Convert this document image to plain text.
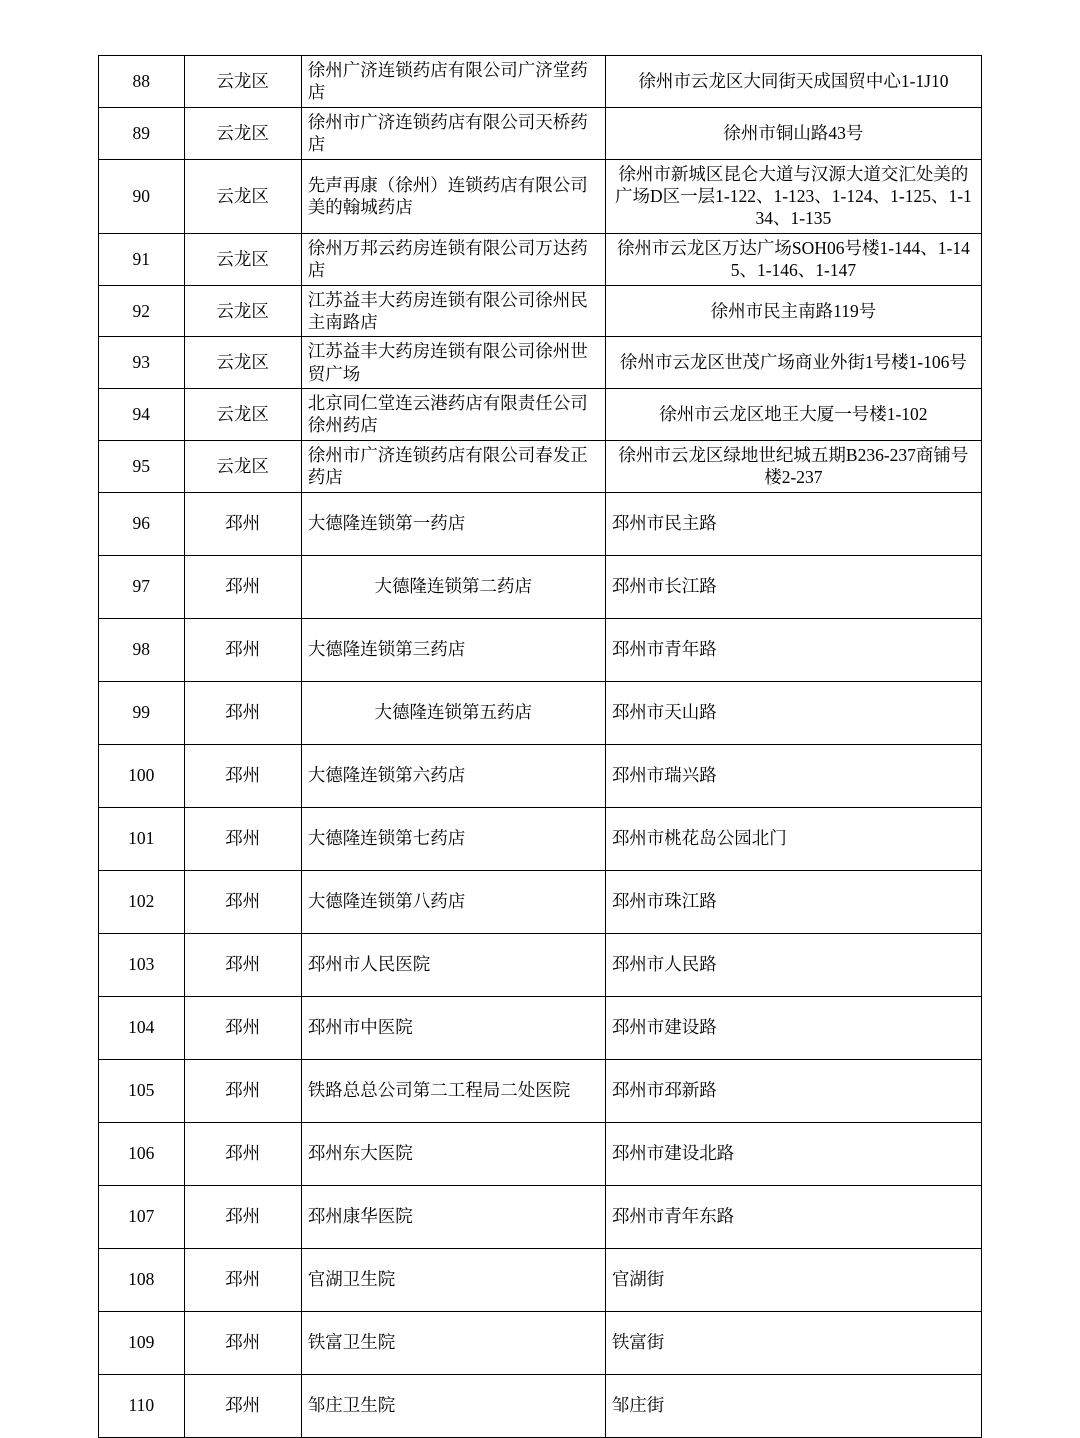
88	云龙区	徐州广济连锁药店有限公司广济堂药店	徐州市云龙区大同街天成国贸中心1-1J10
89	云龙区	徐州市广济连锁药店有限公司天桥药店	徐州市铜山路43号
90	云龙区	先声再康（徐州）连锁药店有限公司美的翰城药店	徐州市新城区昆仑大道与汉源大道交汇处美的广场D区一层1-122、1-123、1-124、1-125、1-134、1-135
91	云龙区	徐州万邦云药房连锁有限公司万达药店	徐州市云龙区万达广场SOH06号楼1-144、1-145、1-146、1-147
92	云龙区	江苏益丰大药房连锁有限公司徐州民主南路店	徐州市民主南路119号
93	云龙区	江苏益丰大药房连锁有限公司徐州世贸广场	徐州市云龙区世茂广场商业外街1号楼1-106号
94	云龙区	北京同仁堂连云港药店有限责任公司徐州药店	徐州市云龙区地王大厦一号楼1-102
95	云龙区	徐州市广济连锁药店有限公司春发正药店	徐州市云龙区绿地世纪城五期B236-237商铺号楼2-237
96	邳州	大德隆连锁第一药店	邳州市民主路
97	邳州	大德隆连锁第二药店	邳州市长江路
98	邳州	大德隆连锁第三药店	邳州市青年路
99	邳州	大德隆连锁第五药店	邳州市天山路
100	邳州	大德隆连锁第六药店	邳州市瑞兴路
101	邳州	大德隆连锁第七药店	邳州市桃花岛公园北门
102	邳州	大德隆连锁第八药店	邳州市珠江路
103	邳州	邳州市人民医院	邳州市人民路
104	邳州	邳州市中医院	邳州市建设路
105	邳州	铁路总总公司第二工程局二处医院	邳州市邳新路
106	邳州	邳州东大医院	邳州市建设北路
107	邳州	邳州康华医院	邳州市青年东路
108	邳州	官湖卫生院	官湖街
109	邳州	铁富卫生院	铁富街
110	邳州	邹庄卫生院	邹庄街
